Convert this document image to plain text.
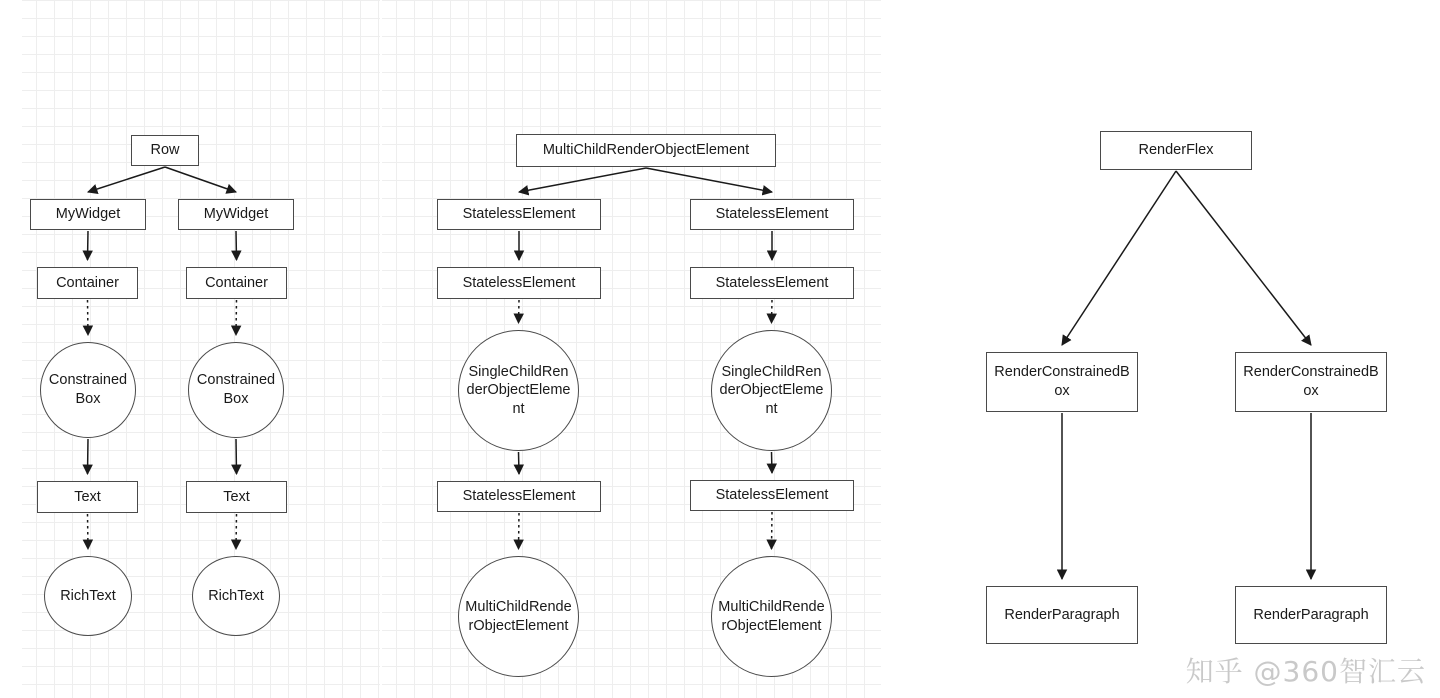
Row
MyWidget	MyWidget
Container	Container
ConstrainedBox
ConstrainedBox
Text	Text
RichText	RichText
MultiChildRenderObjectElement
StatelessElement	StatelessElement
StatelessElement	StatelessElement
SingleChildRenderObjectElement
SingleChildRenderObjectElement
StatelessElement	StatelessElement
MultiChildRenderObjectElement
MultiChildRenderObjectElement
RenderFlex
RenderConstrainedBox
RenderConstrainedBox
RenderParagraph	RenderParagraph
知乎 @360智汇云
